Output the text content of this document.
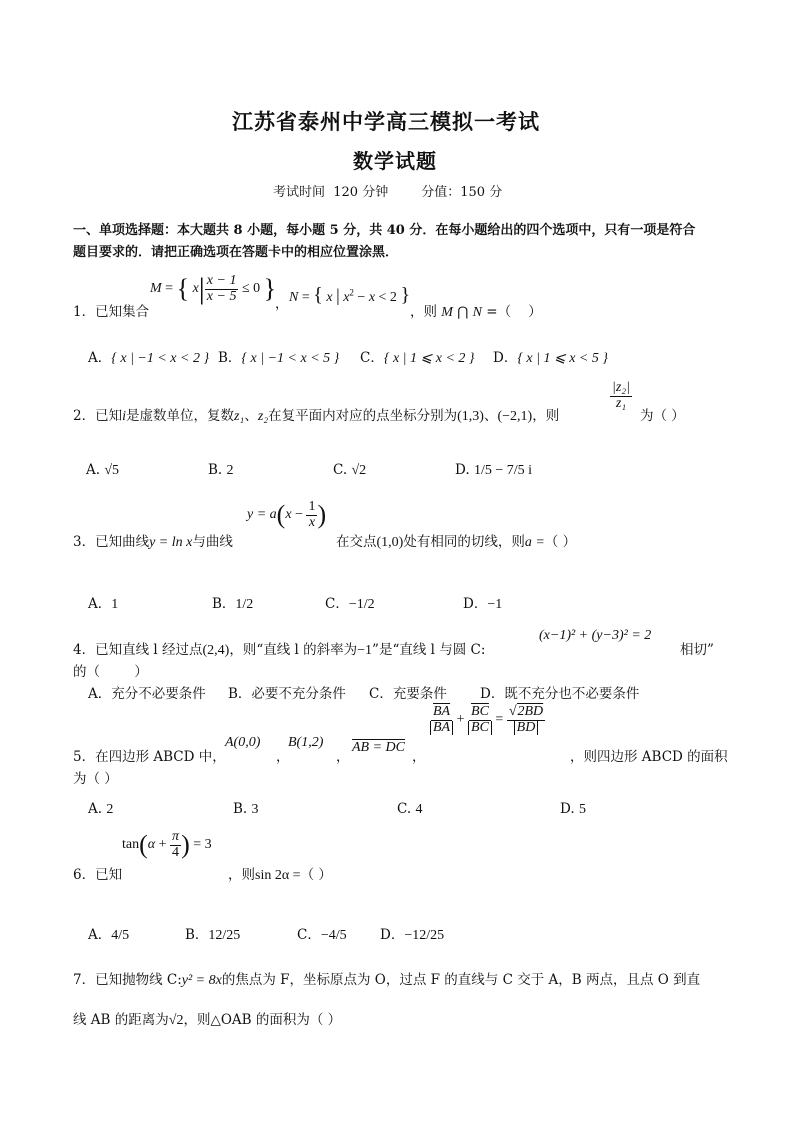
江苏省泰州中学高三模拟一考试
数学试题
考试时间  120 分钟        分值：150 分
一、单项选择题：本大题共 8 小题，每小题 5 分，共 40 分．在每小题给出的四个选项中，只有一项是符合
题目要求的．请把正确选项在答题卡中的相应位置涂黑．
1．已知集合
M = { x | $\frac{x - 1}{x - 5} \le 0$ }
， N = { x | $x^2 - x < 2$ }
，则 M ⋂ N =（    ）
A．{ x | −1 < x < 2 } B．{ x | −1 < x < 5 } C．{ x | 1 ⩽ x < 2 } D．{ x | 1 ⩽ x < 5 }
2．已知i是虚数单位，复数z₁、z₂在复平面内对应的点坐标分别为(1,3)、(−2,1)，则
$\frac{\text{|z₂|}}{\text{z₁}}$
为（ ）
A. √5	B. 2	C. √2	D. 1/5 − 7/5 i
3．已知曲线y = ln x与曲线
y = a ( $x - \frac{1}{x}$ )
在交点(1,0)处有相同的切线，则a =（ ）
A．1	B．1/2	C．−1/2	D．−1
4．已知直线 l 经过点(2,4)，则“直线 l 的斜率为−1”是“直线 l 与圆 C:
(x−1)² + (y−3)² = 2
相切”
的（        ）
A．充分不必要条件 B．必要不充分条件 C．充要条件 D．既不充分也不必要条件
5．在四边形 ABCD 中，
A(0,0)
，
B(1,2)
，
AB = DC
，
$\frac{\overline{BA}}{BA} + \frac{\overline{BC}}{BC} = \frac{√2\overline{BD}}{BD}$
，则四边形 ABCD 的面积
为（ ）
A. 2	B. 3	C. 4	D. 5
6．已知
tan ( $\alpha + \frac{\pi}{4}$ ) = 3
，则sin 2α =（ ）
A．4/5	B．12/25	C．−4/5 D．−12/25
7．已知抛物线 C:y² = 8x的焦点为 F，坐标原点为 O，过点 F 的直线与 C 交于 A，B 两点，且点 O 到直
线 AB 的距离为√2，则△OAB 的面积为（ ）
